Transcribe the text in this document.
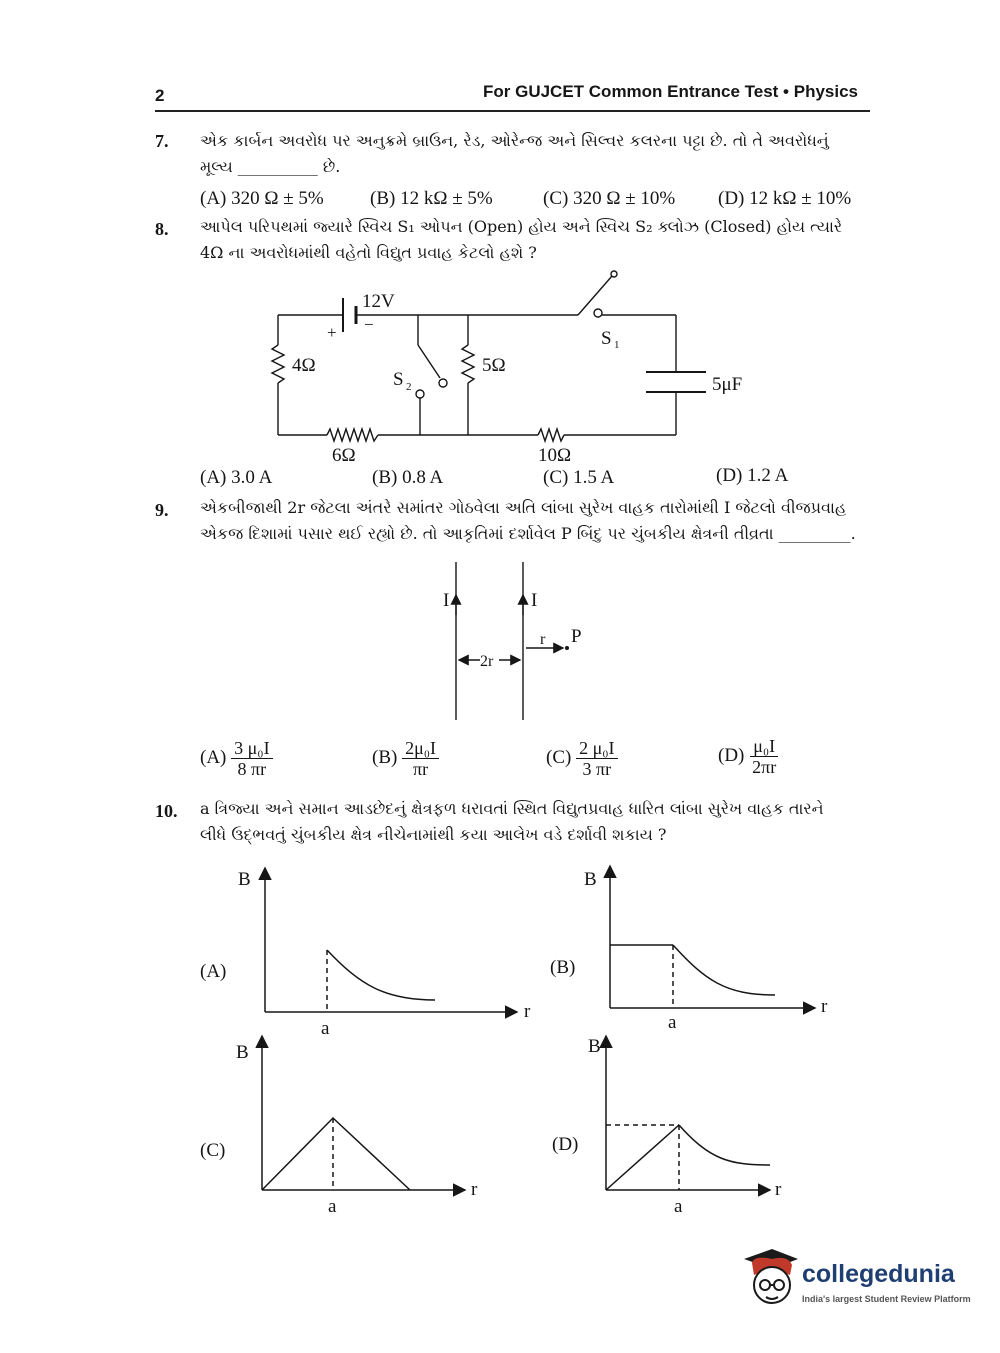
2	For GUJCET Common Entrance Test • Physics
7. એક કાર્બન અવરોધ પર અનુક્રમે બ્રાઉન, રેડ, ઓરેન્જ અને સિલ્વર કલરના પટ્ટા છે. તો તે અવરોધનું
મૂલ્ય __________ છે.
(A) 320 Ω ± 5% (B) 12 kΩ ± 5%	(C) 320 Ω ± 10% (D) 12 kΩ ± 10%
8. આપેલ પરિપથમાં જ્યારે સ્વિચ S₁ ઓપન (Open) હોય અને સ્વિચ S₂ ક્લોઝ (Closed) હોય ત્યારે
4Ω ના અવરોધમાંથી વહેતો વિદ્યુત પ્રવાહ કેટલો હશે ?
12V
+ −
4Ω	5Ω
6Ω	10Ω
S 1
S 2	5μF
(A) 3.0 A	(B) 0.8 A	(C) 1.5 A	(D) 1.2 A
9. એકબીજાથી 2r જેટલા અંતરે સમાંતર ગોઠવેલા અતિ લાંબા સુરેખ વાહક તારોમાંથી I જેટલો વીજપ્રવાહ
એકજ દિશામાં પસાર થઈ રહ્યો છે. તો આકૃતિમાં દર્શાવેલ P બિંદુ પર ચુંબકીય ક્ષેત્રની તીવ્રતા _________.
I	I
2r
r P
$(A) \frac{\text{3 μ₀I}}{8 \pi r}$	$(B) \frac{\text{2μ₀I}}{\pi r}$	$(C) \frac{\text{2 μ₀I}}{3 \pi r}$	$(D) \frac{\text{μ₀I}}{2\pi r}$
10. a ત્રિજ્યા અને સમાન આડછેદનું ક્ષેત્રફળ ધરાવતાં સ્થિત વિદ્યુતપ્રવાહ ધારિત લાંબા સુરેખ વાહક તારને
લીધે ઉદ્ભવતું ચુંબકીય ક્ષેત્ર નીચેનામાંથી કયા આલેખ વડે દર્શાવી શકાય ?
B
(A)
r
a
B
(B)
r
a
B
(C)
r
a
B
(D)
r
a
collegedunia
India's largest Student Review Platform
